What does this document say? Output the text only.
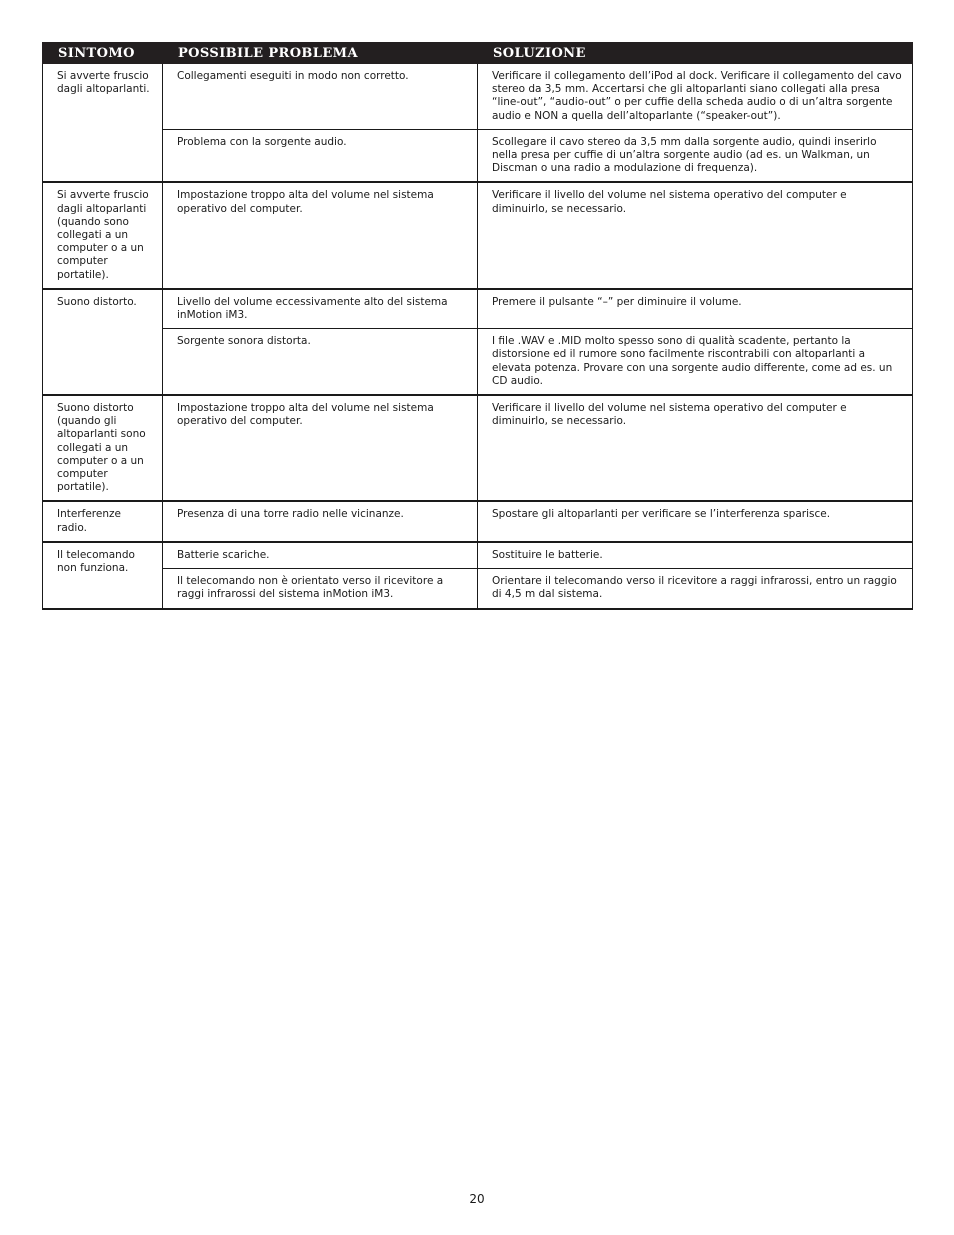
SINTOMO	POSSIBILE PROBLEMA	SOLUZIONE
Si avverte fruscio dagli altoparlanti.	Collegamenti eseguiti in modo non corretto.	Verificare il collegamento dell’iPod al dock. Verificare il collegamento del cavo stereo da 3,5 mm. Accertarsi che gli altoparlanti siano collegati alla presa “line-out”, “audio-out” o per cuffie della scheda audio o di un’altra sorgente audio e NON a quella dell’altoparlante (“speaker-out”).
	Problema con la sorgente audio.	Scollegare il cavo stereo da 3,5 mm dalla sorgente audio, quindi inserirlo nella presa per cuffie di un’altra sorgente audio (ad es. un Walkman, un Discman o una radio a modulazione di frequenza).
Si avverte fruscio dagli altoparlanti (quando sono collegati a un computer o a un computer portatile).	Impostazione troppo alta del volume nel sistema operativo del computer.	Verificare il livello del volume nel sistema operativo del computer e diminuirlo, se necessario.
Suono distorto.	Livello del volume eccessivamente alto del sistema inMotion iM3.	Premere il pulsante “–” per diminuire il volume.
	Sorgente sonora distorta.	I file .WAV e .MID molto spesso sono di qualità scadente, pertanto la distorsione ed il rumore sono facilmente riscontrabili con altoparlanti a elevata potenza. Provare con una sorgente audio differente, come ad es. un CD audio.
Suono distorto (quando gli altoparlanti sono collegati a un computer o a un computer portatile).	Impostazione troppo alta del volume nel sistema operativo del computer.	Verificare il livello del volume nel sistema operativo del computer e diminuirlo, se necessario.
Interferenze radio.	Presenza di una torre radio nelle vicinanze.	Spostare gli altoparlanti per verificare se l’interferenza sparisce.
Il telecomando non funziona.	Batterie scariche.	Sostituire le batterie.
	Il telecomando non è orientato verso il ricevitore a raggi infrarossi del sistema inMotion iM3.	Orientare il telecomando verso il ricevitore a raggi infrarossi, entro un raggio di 4,5 m dal sistema.
20
